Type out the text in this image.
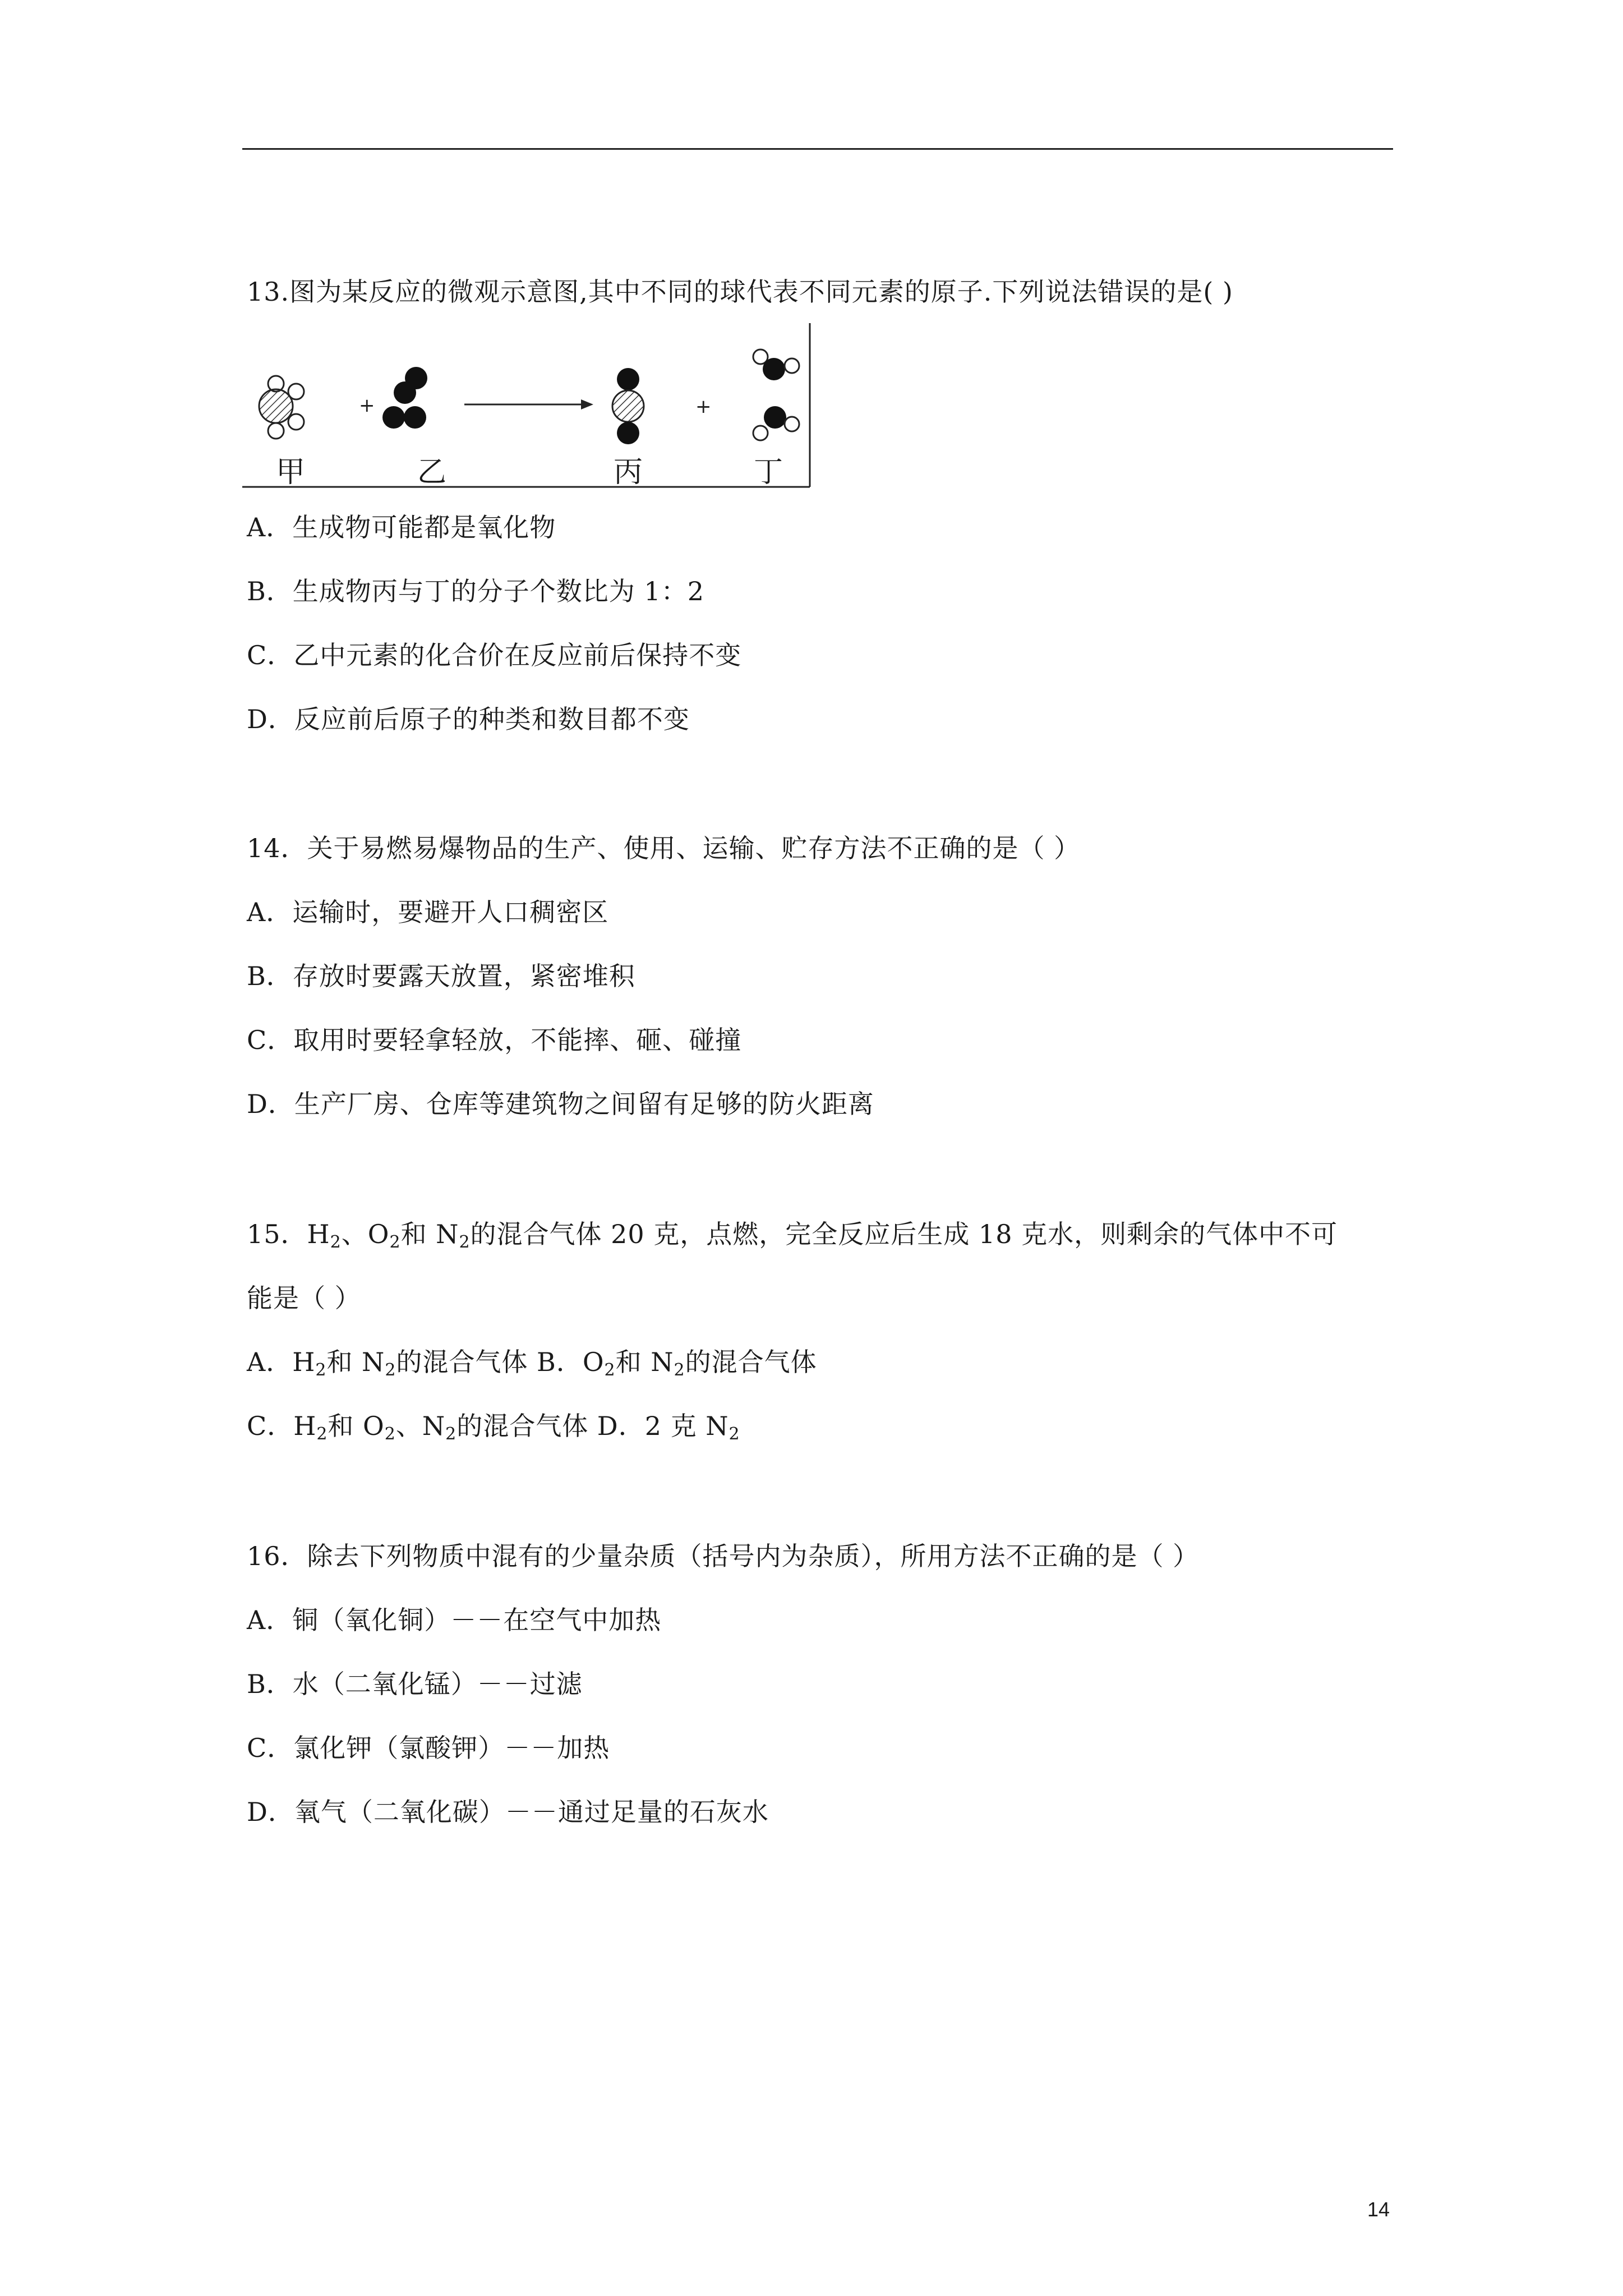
13.图为某反应的微观示意图,其中不同的球代表不同元素的原子.下列说法错误的是( )
+	+
甲	乙	丙	丁
A．生成物可能都是氧化物
B．生成物丙与丁的分子个数比为 1：2
C．乙中元素的化合价在反应前后保持不变
D．反应前后原子的种类和数目都不变
14．关于易燃易爆物品的生产、使用、运输、贮存方法不正确的是（ ）
A．运输时，要避开人口稠密区
B．存放时要露天放置，紧密堆积
C．取用时要轻拿轻放，不能摔、砸、碰撞
D．生产厂房、仓库等建筑物之间留有足够的防火距离
15．$H_2$、$O_2$和 $N_2$的混合气体 20 克，点燃，完全反应后生成 18 克水，则剩余的气体中不可
能是（ ）
A．$H_2$和 $N_2$的混合气体 B．$O_2$和 $N_2$的混合气体
C．$H_2$和 $O_2$、$N_2$的混合气体 D．2 克 $N_2$
16．除去下列物质中混有的少量杂质（括号内为杂质），所用方法不正确的是（ ）
A．铜（氧化铜）－－在空气中加热
B．水（二氧化锰）－－过滤
C．氯化钾（氯酸钾）－－加热
D．氧气（二氧化碳）－－通过足量的石灰水
14
